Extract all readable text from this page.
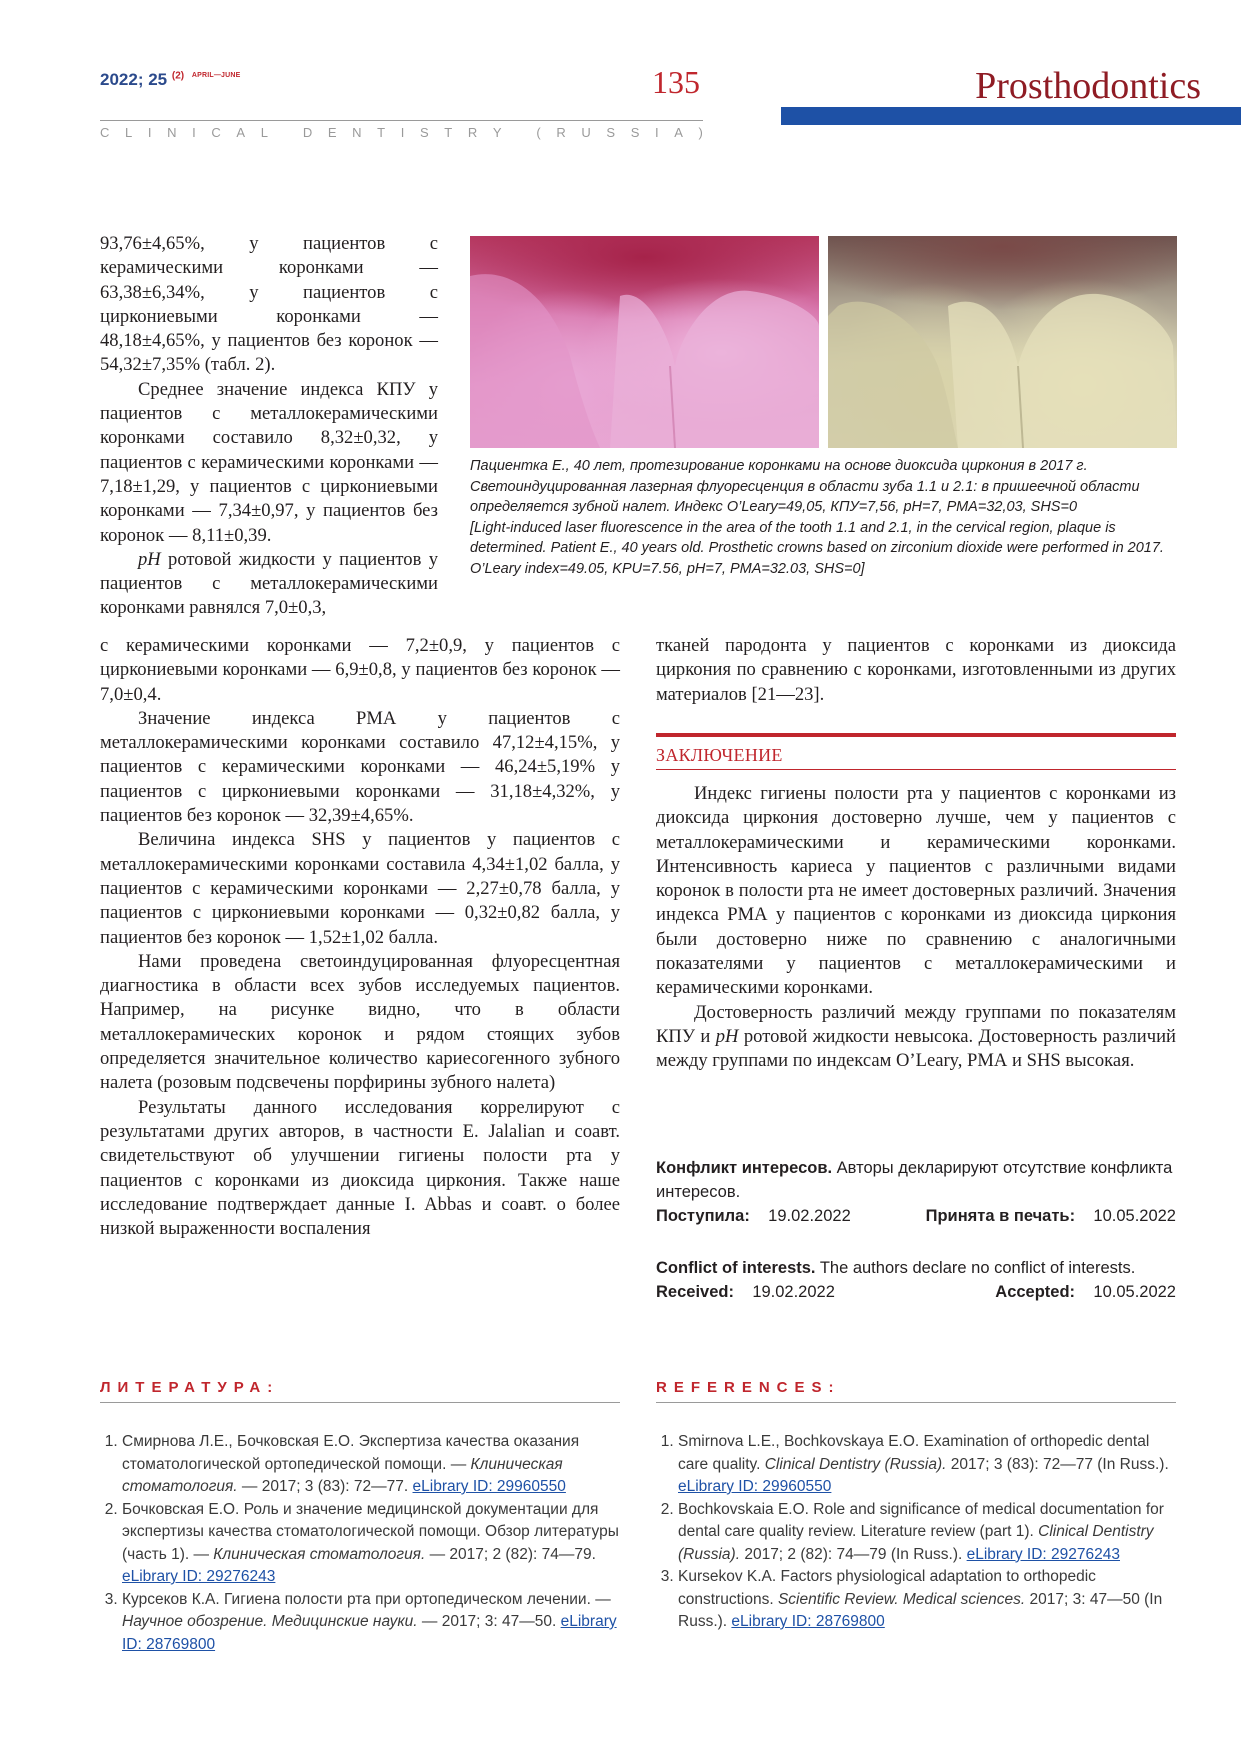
2022; 25 $^{(2)}$ $^{APRIL—JUNE}$	135	Prosthodontics
C L I N I C A L
	D E N T I S T R Y
	( R U S S I A )

93,76±4,65%, у пациентов с керамическими коронками — 63,38±6,34%, у пациентов с циркониевыми коронками — 48,18±4,65%, у пациентов без коронок — 54,32±7,35% (табл. 2).

Среднее значение индекса КПУ у пациентов с металлокерамическими коронками составило 8,32±0,32, у пациентов с керамическими коронками — 7,18±1,29, у пациентов с циркониевыми коронками — 7,34±0,97, у пациентов без коронок — 8,11±0,39.

pH ротовой жидкости у пациентов у пациентов с металлокерамическими коронками равнялся 7,0±0,3,

Пациентка Е., 40 лет, протезирование коронками на основе диоксида циркония в 2017 г. Светоиндуцированная лазерная флуоресценция в области зуба 1.1 и 2.1: в пришеечной области определяется зубной налет. Индекс O’Leary=49,05, КПУ=7,56, pH=7, РМА=32,03, SHS=0

[Light-induced laser fluorescence in the area of the tooth 1.1 and 2.1, in the cervical region, plaque is determined. Patient E., 40 years old. Prosthetic crowns based on zirconium dioxide were performed in 2017. O’Leary index=49.05, KPU=7.56, pH=7, PMA=32.03, SHS=0]

с керамическими коронками — 7,2±0,9, у пациентов с циркониевыми коронками — 6,9±0,8, у пациентов без коронок — 7,0±0,4.

Значение индекса РМА у пациентов с металлокерамическими коронками составило 47,12±4,15%, у пациентов с керамическими коронками — 46,24±5,19% у пациентов с циркониевыми коронками — 31,18±4,32%, у пациентов без коронок — 32,39±4,65%.

Величина индекса SHS у пациентов у пациентов с металлокерамическими коронками составила 4,34±1,02 балла, у пациентов с керамическими коронками — 2,27±0,78 балла, у пациентов с циркониевыми коронками — 0,32±0,82 балла, у пациентов без коронок — 1,52±1,02 балла.

Нами проведена светоиндуцированная флуоресцентная диагностика в области всех зубов исследуемых пациентов. Например, на рисунке видно, что в области металлокерамических коронок и рядом стоящих зубов определяется значительное количество кариесогенного зубного налета (розовым подсвечены порфирины зубного налета)

Результаты данного исследования коррелируют с результатами других авторов, в частности E. Jalalian и соавт. свидетельствуют об улучшении гигиены полости рта у пациентов с коронками из диоксида циркония. Также наше исследование подтверждает данные I. Abbas и соавт. о более низкой выраженности воспаления

тканей пародонта у пациентов с коронками из диоксида циркония по сравнению с коронками, изготовленными из других материалов [21—23].

ЗАКЛЮЧЕНИЕ

Индекс гигиены полости рта у пациентов с коронками из диоксида циркония достоверно лучше, чем у пациентов с металлокерамическими и керамическими коронками. Интенсивность кариеса у пациентов с различными видами коронок в полости рта не имеет достоверных различий. Значения индекса РМА у пациентов с коронками из диоксида циркония были достоверно ниже по сравнению с аналогичными показателями у пациентов с металлокерамическими и керамическими коронками.

Достоверность различий между группами по показателям КПУ и pH ротовой жидкости невысока. Достоверность различий между группами по индексам O’Leary, РМА и SHS высокая.

Конфликт интересов. Авторы декларируют отсутствие конфликта интересов.
Поступила: 19.02.2022	Принята в печать: 10.05.2022
Conflict of interests. The authors declare no conflict of interests.
Received: 19.02.2022	Accepted: 10.05.2022
ЛИТЕРАТУРА:	REFERENCES:
1. Смирнова Л.Е., Бочковская Е.О. Экспертиза качества оказания стоматологической ортопедической помощи. — Клиническая стоматология. — 2017; 3 (83): 72—77. eLibrary ID: 29960550
2. Бочковская Е.О. Роль и значение медицинской документации для экспертизы качества стоматологической помощи. Обзор литературы (часть 1). — Клиническая стоматология. — 2017; 2 (82): 74—79. eLibrary ID: 29276243
3. Курсеков К.А. Гигиена полости рта при ортопедическом лечении. — Научное обозрение. Медицинские науки. — 2017; 3: 47—50. eLibrary ID: 28769800
1. Smirnova L.E., Bochkovskaya E.O. Examination of orthopedic dental care quality. Clinical Dentistry (Russia). 2017; 3 (83): 72—77 (In Russ.). eLibrary ID: 29960550
2. Bochkovskaia E.O. Role and significance of medical documentation for dental care quality review. Literature review (part 1). Clinical Dentistry (Russia). 2017; 2 (82): 74—79 (In Russ.). eLibrary ID: 29276243
3. Kursekov K.A. Factors physiological adaptation to orthopedic constructions. Scientific Review. Medical sciences. 2017; 3: 47—50 (In Russ.). eLibrary ID: 28769800
